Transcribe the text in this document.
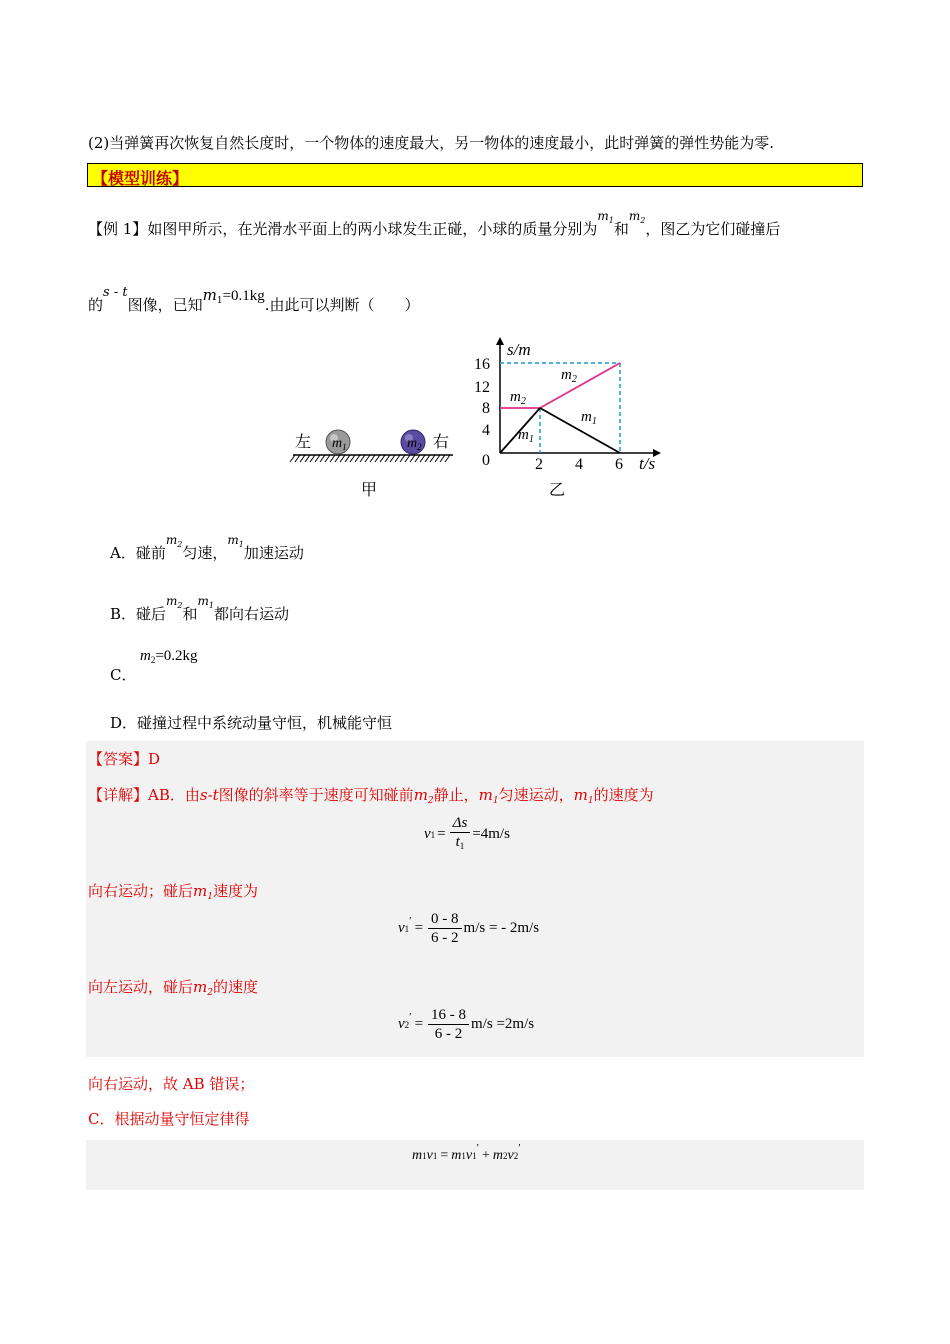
(2)当弹簧再次恢复自然长度时，一个物体的速度最大，另一物体的速度最小，此时弹簧的弹性势能为零.
【模型训练】
【例 1】如图甲所示，在光滑水平面上的两小球发生正碰，小球的质量分别为$^{m_1}$和$^{m_2}$，图乙为它们碰撞后
的s - t图像，已知$m_1=0.1kg$.由此可以判断（　　）
$m_1$	$m_2$
左	右
甲
s/m
t/s
16
12
8
4
0	2 4 6
$m_2$
$m_2$
$m_1$
$m_1$
乙
A．碰前$^{m_2}$匀速，$^{m_1}$加速运动
B．碰后$^{m_2}$和$^{m_1}$都向右运动
C．
$m_2=0.2kg$
D．碰撞过程中系统动量守恒，机械能守恒
【答案】D
【详解】AB．由s-t图像的斜率等于速度可知碰前$m_2$静止，$m_1$匀速运动，$m_1$的速度为
v $1 = \frac{\Delta s}{t_1} =4m/s$
向右运动；碰后$m_1$速度为
v 1
′ = $\frac{0 - 8}{6 - 2} m/s$ = - 2m/s
向左运动，碰后$m_2$的速度
v 2
′ = $\frac{16 - 8}{6 - 2} m/s =2m/s$
向右运动，故 AB 错误；
C．根据动量守恒定律得
m 1 v 1 = m 1 v 1
′ + m 2 v 2
′
